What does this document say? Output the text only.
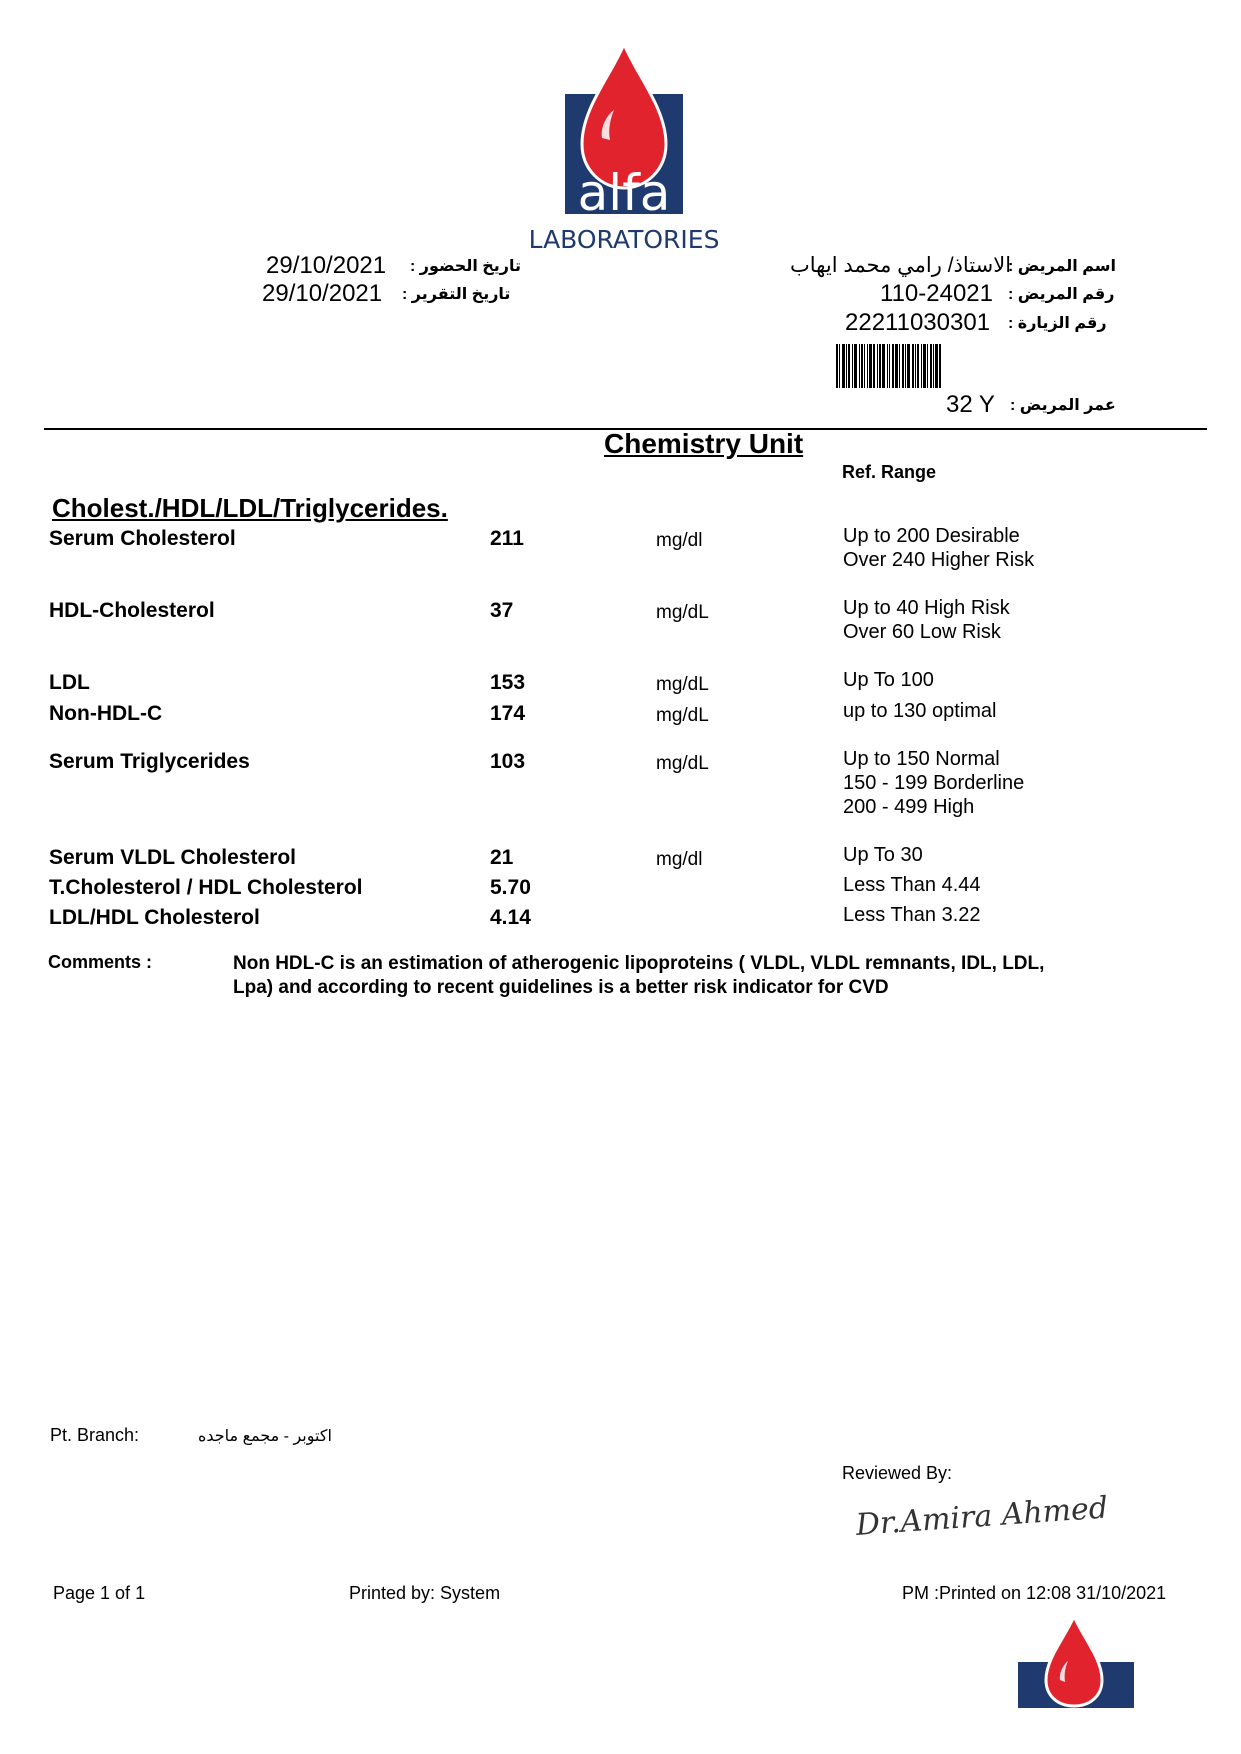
alfa
LABORATORIES
تاريخ الحضور :
29/10/2021
تاريخ التقرير :
29/10/2021
اسم المريض :
الاستاذ/ رامي محمد ايهاب
رقم المريض :
110-24021
رقم الزيارة :
22211030301
عمر المريض :
32 Y
Chemistry Unit
Ref. Range
Cholest./HDL/LDL/Triglycerides.
Serum Cholesterol	211	mg/dl	Up to 200 Desirable
Over 240 Higher Risk
HDL-Cholesterol	37	mg/dL	Up to 40 High Risk
Over 60 Low Risk
LDL	153	mg/dL	Up To 100
Non-HDL-C	174	mg/dL	up to 130 optimal
Serum Triglycerides	103	mg/dL	Up to 150 Normal
150 - 199 Borderline
200 - 499 High
Serum VLDL Cholesterol	21	mg/dl	Up To 30
T.Cholesterol / HDL Cholesterol	5.70	Less Than 4.44
LDL/HDL Cholesterol	4.14	Less Than 3.22
Comments :	Non HDL-C is an estimation of atherogenic lipoproteins ( VLDL, VLDL remnants, IDL, LDL,
Lpa) and according to recent guidelines is a better risk indicator for CVD
Pt. Branch:	اكتوبر - مجمع ماجده
Reviewed By:
Dr.Amira Ahmed
Page 1 of 1	Printed by: System	PM :Printed on 12:08 31/10/2021
